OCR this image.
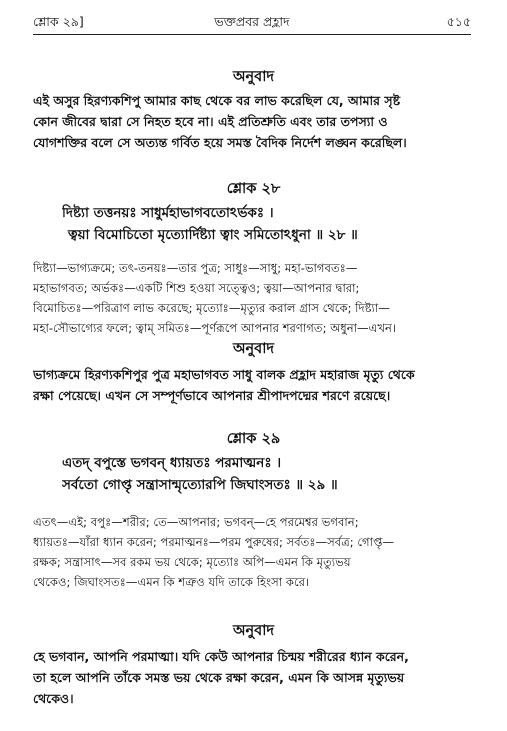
শ্লোক ২৯]	ভক্তপ্রবর প্রহ্লাদ	৫১৫
অনুবাদ
এই অসুর হিরণ্যকশিপু আমার কাছ থেকে বর লাভ করেছিল যে, আমার সৃষ্ট
কোন জীবের দ্বারা সে নিহত হবে না। এই প্রতিশ্রুতি এবং তার তপস্যা ও
যোগশক্তির বলে সে অত্যন্ত গর্বিত হয়ে সমস্ত বৈদিক নির্দেশ লঙ্ঘন করেছিল।
শ্লোক ২৮
দিষ্ট্যা তত্তনয়ঃ সাধুর্মহাভাগবতোঽর্ভকঃ ।
ত্বয়া বিমোচিতো মৃত্যোর্দিষ্ট্যা ত্বাং সমিতোঽধুনা ॥ ২৮ ॥
দিষ্ট্যা—ভাগ্যক্রমে; তৎ-তনয়ঃ—তার পুত্র; সাধুঃ—সাধু; মহা-ভাগবতঃ—
মহাভাগবত; অর্ভকঃ—একটি শিশু হওয়া সত্ত্বেও; ত্বয়া—আপনার দ্বারা;
বিমোচিতঃ—পরিত্রাণ লাভ করেছে; মৃত্যোঃ—মৃত্যুর করাল গ্রাস থেকে; দিষ্ট্যা—
মহা-সৌভাগ্যের ফলে; ত্বাম্ সমিতঃ—পূর্ণরূপে আপনার শরণাগত; অধুনা—এখন।
অনুবাদ
ভাগ্যক্রমে হিরণ্যকশিপুর পুত্র মহাভাগবত সাধু বালক প্রহ্লাদ মহারাজ মৃত্যু থেকে
রক্ষা পেয়েছে। এখন সে সম্পূর্ণভাবে আপনার শ্রীপাদপদ্মের শরণে রয়েছে।
শ্লোক ২৯
এতদ্ বপুস্তে ভগবন্ ধ্যায়তঃ পরমাত্মনঃ ।
সর্বতো গোপ্তৃ সন্ত্রাসান্মৃত্যোরপি জিঘাংসতঃ ॥ ২৯ ॥
এতৎ—এই; বপুঃ—শরীর; তে—আপনার; ভগবন্—হে পরমেশ্বর ভগবান;
ধ্যায়তঃ—যাঁরা ধ্যান করেন; পরমাত্মনঃ—পরম পুরুষের; সর্বতঃ—সর্বত্র; গোপ্তৃ—
রক্ষক; সন্ত্রাসাৎ—সব রকম ভয় থেকে; মৃত্যোঃ অপি—এমন কি মৃত্যুভয়
থেকেও; জিঘাংসতঃ—এমন কি শত্রুও যদি তাকে হিংসা করে।
অনুবাদ
হে ভগবান, আপনি পরমাত্মা। যদি কেউ আপনার চিন্ময় শরীরের ধ্যান করেন,
তা হলে আপনি তাঁকে সমস্ত ভয় থেকে রক্ষা করেন, এমন কি আসন্ন মৃত্যুভয়
থেকেও।
